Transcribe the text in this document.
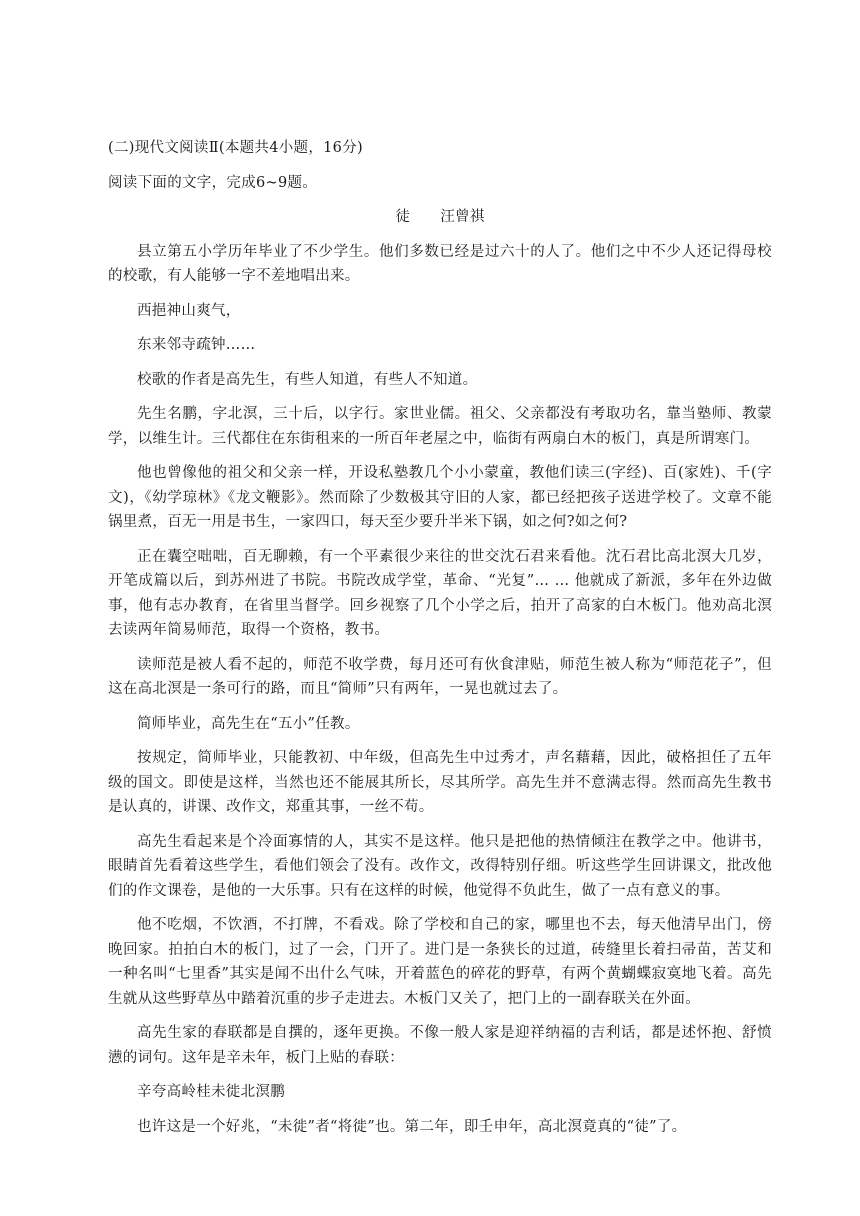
(二)现代文阅读Ⅱ(本题共4小题，16分)

阅读下面的文字，完成6~9题。

徒 汪曾祺

县立第五小学历年毕业了不少学生。他们多数已经是过六十的人了。他们之中不少人还记得母校的校歌，有人能够一字不差地唱出来。

西挹神山爽气，

东来邻寺疏钟……

校歌的作者是高先生，有些人知道，有些人不知道。

先生名鹏，字北溟，三十后，以字行。家世业儒。祖父、父亲都没有考取功名，靠当塾师、教蒙学，以维生计。三代都住在东街租来的一所百年老屋之中，临街有两扇白木的板门，真是所谓寒门。

他也曾像他的祖父和父亲一样，开设私塾教几个小小蒙童，教他们读三(字经)、百(家姓)、千(字文)，《幼学琼林》《龙文鞭影》。然而除了少数极其守旧的人家，都已经把孩子送进学校了。文章不能锅里煮，百无一用是书生，一家四口，每天至少要升半米下锅，如之何?如之何?

正在囊空咄咄，百无聊赖，有一个平素很少来往的世交沈石君来看他。沈石君比高北溟大几岁，开笔成篇以后，到苏州进了书院。书院改成学堂，革命、“光复”… … 他就成了新派，多年在外边做事，他有志办教育，在省里当督学。回乡视察了几个小学之后，拍开了高家的白木板门。他劝高北溟去读两年简易师范，取得一个资格，教书。

读师范是被人看不起的，师范不收学费，每月还可有伙食津贴，师范生被人称为“师范花子”，但这在高北溟是一条可行的路，而且“简师”只有两年，一晃也就过去了。

简师毕业，高先生在“五小”任教。

按规定，简师毕业，只能教初、中年级，但高先生中过秀才，声名藉藉，因此，破格担任了五年级的国文。即使是这样，当然也还不能展其所长，尽其所学。高先生并不意满志得。然而高先生教书是认真的，讲课、改作文，郑重其事，一丝不苟。

高先生看起来是个冷面寡情的人，其实不是这样。他只是把他的热情倾注在教学之中。他讲书，眼睛首先看着这些学生，看他们领会了没有。改作文，改得特别仔细。听这些学生回讲课文，批改他们的作文课卷，是他的一大乐事。只有在这样的时候，他觉得不负此生，做了一点有意义的事。

他不吃烟，不饮酒，不打牌，不看戏。除了学校和自己的家，哪里也不去，每天他清早出门，傍晚回家。拍拍白木的板门，过了一会，门开了。进门是一条狭长的过道，砖缝里长着扫帚苗，苦艾和一种名叫“七里香”其实是闻不出什么气味，开着蓝色的碎花的野草，有两个黄蝴蝶寂寞地飞着。高先生就从这些野草丛中踏着沉重的步子走进去。木板门又关了，把门上的一副春联关在外面。

高先生家的春联都是自撰的，逐年更换。不像一般人家是迎祥纳福的吉利话，都是述怀抱、舒愤懑的词句。这年是辛未年，板门上贴的春联：

辛夸高岭桂未徙北溟鹏

也许这是一个好兆，“未徙”者“将徙”也。第二年，即壬申年，高北溟竟真的“徒”了。
